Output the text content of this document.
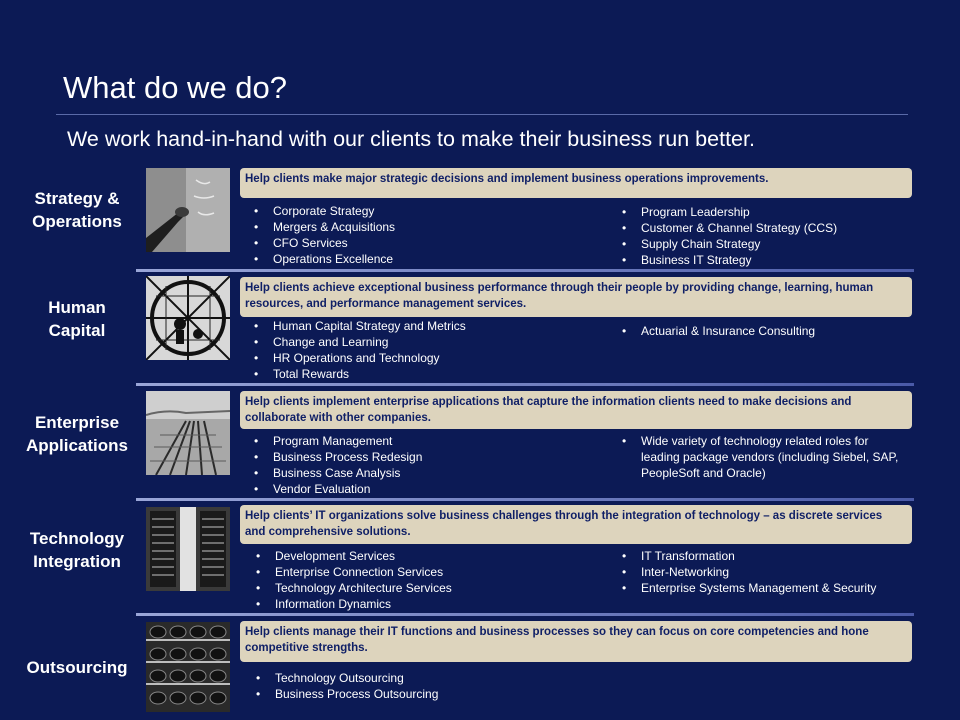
What do we do?
We work hand-in-hand with our clients to make their business run better.
Strategy &
Operations
Help clients make major strategic decisions and implement business operations improvements.
• Corporate Strategy
• Mergers & Acquisitions
• CFO Services
• Operations Excellence
• Program Leadership
• Customer & Channel Strategy (CCS)
• Supply Chain Strategy
• Business IT Strategy
Human
Capital
Help clients achieve exceptional business performance through their people by providing change, learning, human resources, and performance management services.
• Human Capital Strategy and Metrics
• Change and Learning
• HR Operations and Technology
• Total Rewards
• Actuarial & Insurance Consulting
Enterprise
Applications
Help clients implement enterprise applications that capture the information clients need to make decisions and collaborate with other companies.
• Program Management
• Business Process Redesign
• Business Case Analysis
• Vendor Evaluation
• Wide variety of technology related roles for leading package vendors (including Siebel, SAP, PeopleSoft and Oracle)
Technology
Integration
Help clients’ IT organizations solve business challenges through the integration of technology – as discrete services and comprehensive solutions.
• Development Services
• Enterprise Connection Services
• Technology Architecture Services
• Information Dynamics
• IT Transformation
• Inter-Networking
• Enterprise Systems Management & Security
Outsourcing
Help clients manage their IT functions and business processes so they can focus on core competencies and hone competitive strengths.
• Technology Outsourcing
• Business Process Outsourcing
